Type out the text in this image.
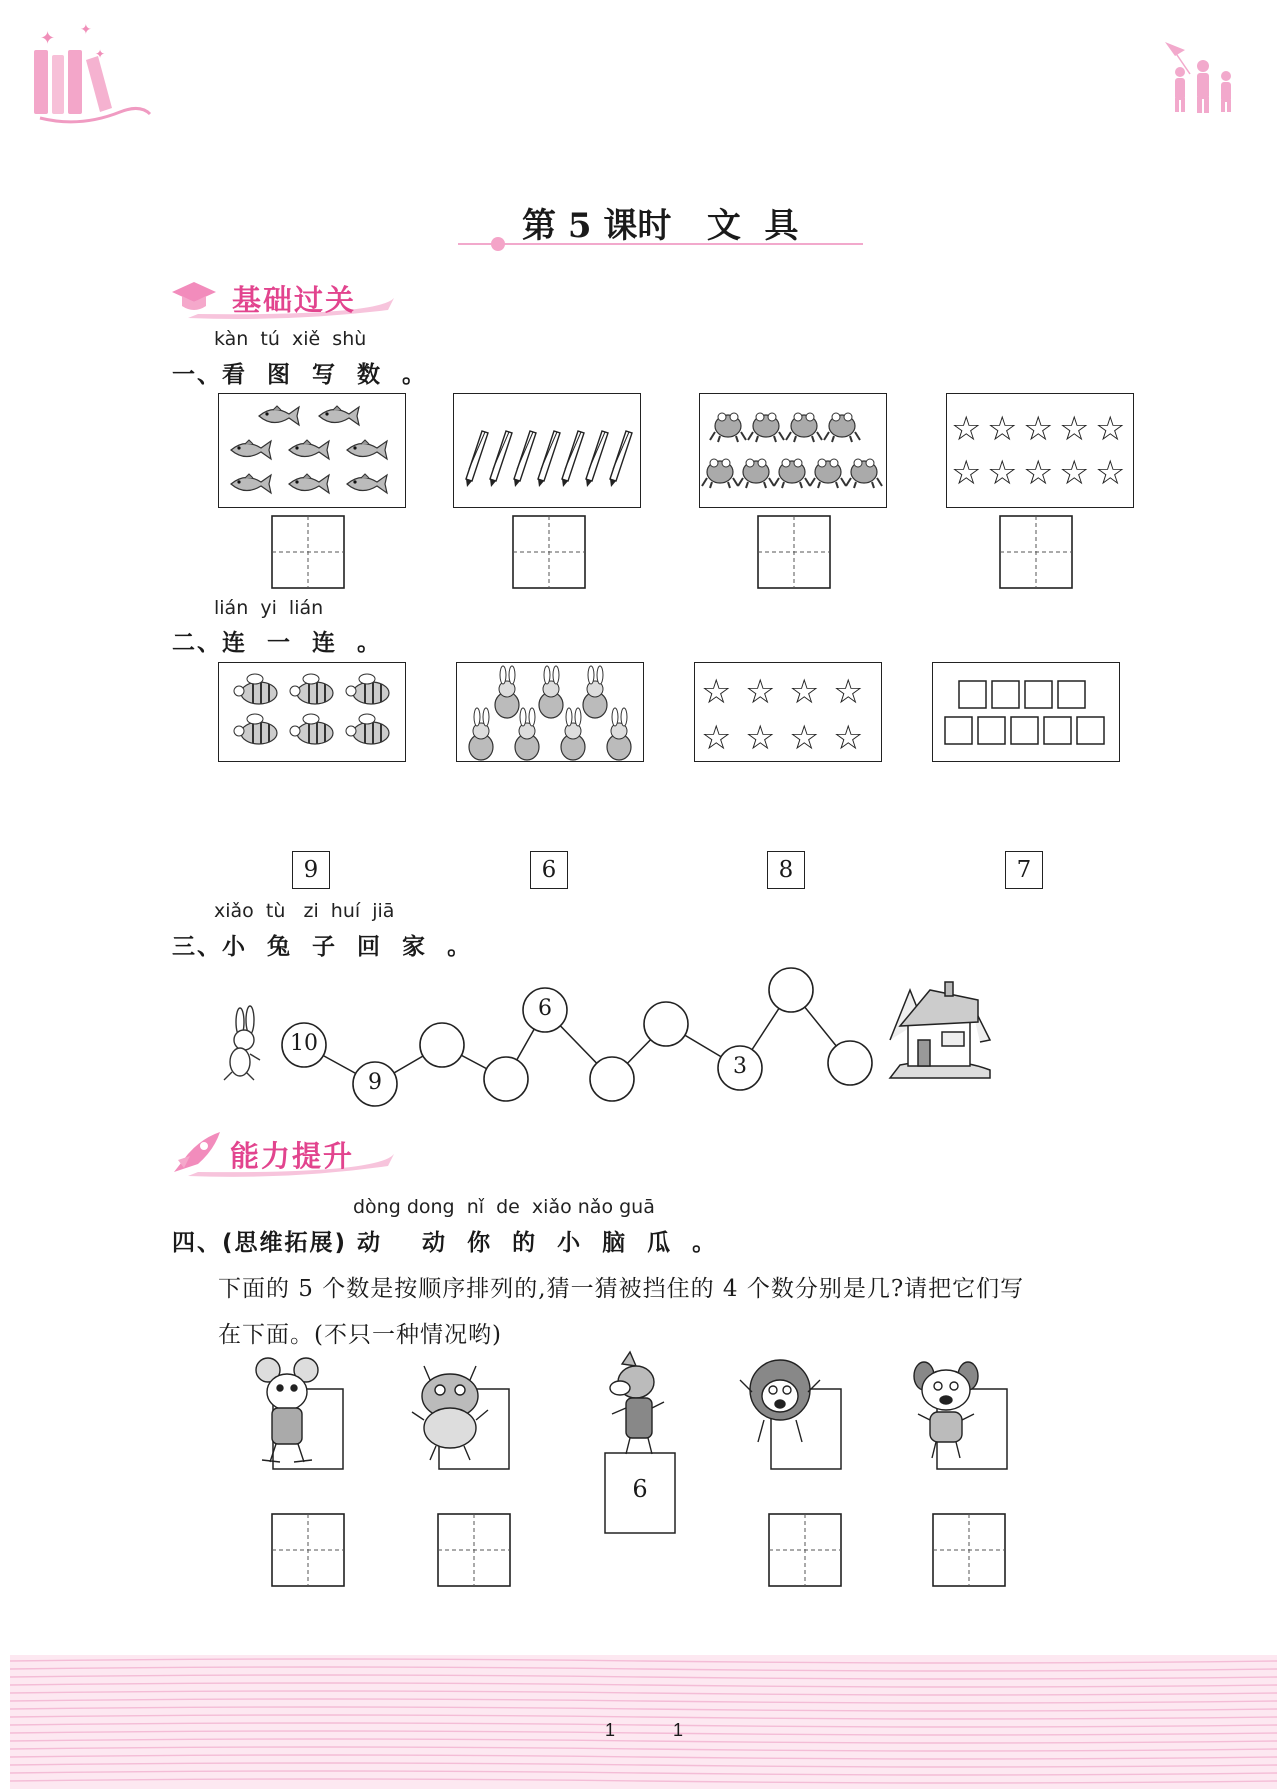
✦ ✦
✦
第 5 课时   文  具
基础过关
kàn  tú  xiě  shù
一、看  图  写  数  。
☆ ☆ ☆ ☆ ☆
☆ ☆ ☆ ☆ ☆
lián  yi  lián
二、连  一  连  。
☆ ☆ ☆ ☆
☆ ☆ ☆ ☆
9	6	8	7
xiǎo  tù   zi  huí  jiā
三、小  兔  子  回  家  。
10
9
6
3
能力提升
dòng dong  nǐ  de  xiǎo nǎo guā
四、(思维拓展) 动    动  你  的  小  脑  瓜  。
下面的 5 个数是按顺序排列的,猜一猜被挡住的 4 个数分别是几?请把它们写
在下面。(不只一种情况哟)
6
1	1
